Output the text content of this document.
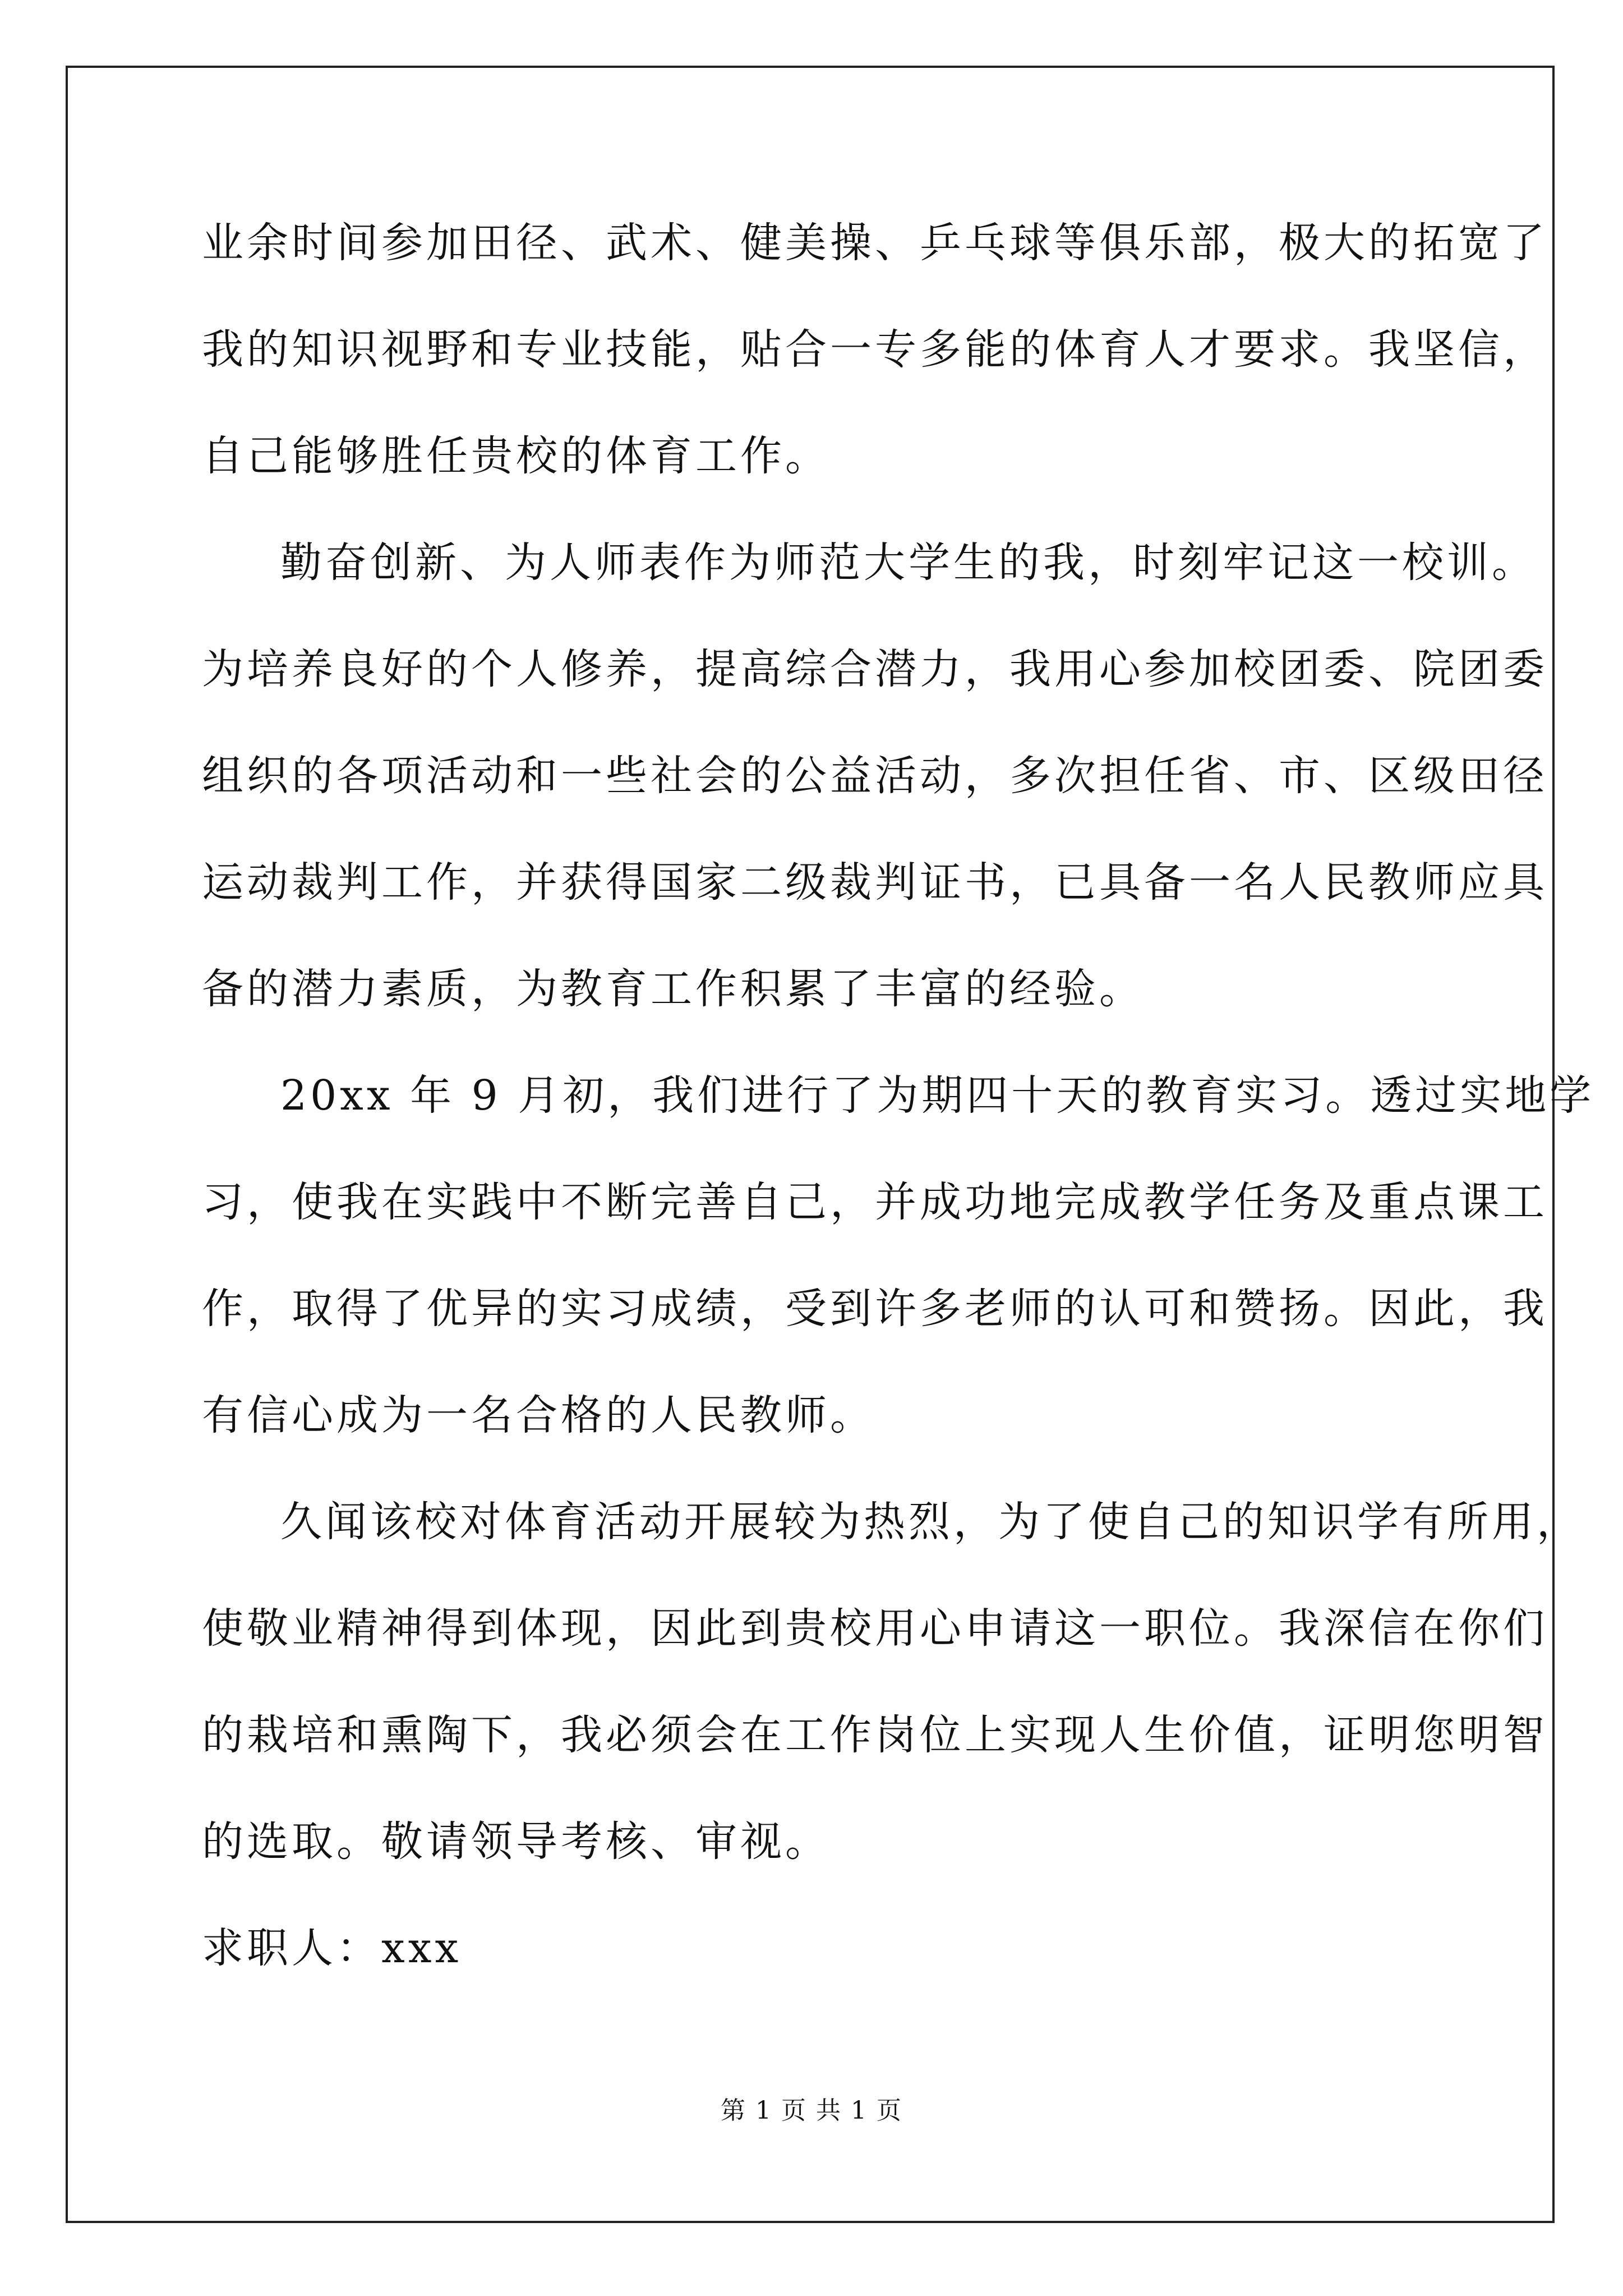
业余时间参加田径、武术、健美操、乒乓球等俱乐部，极大的拓宽了
我的知识视野和专业技能，贴合一专多能的体育人才要求。我坚信，
自己能够胜任贵校的体育工作。
勤奋创新、为人师表作为师范大学生的我，时刻牢记这一校训。
为培养良好的个人修养，提高综合潜力，我用心参加校团委、院团委
组织的各项活动和一些社会的公益活动，多次担任省、市、区级田径
运动裁判工作，并获得国家二级裁判证书，已具备一名人民教师应具
备的潜力素质，为教育工作积累了丰富的经验。
20xx 年 9 月初，我们进行了为期四十天的教育实习。透过实地学
习，使我在实践中不断完善自己，并成功地完成教学任务及重点课工
作，取得了优异的实习成绩，受到许多老师的认可和赞扬。因此，我
有信心成为一名合格的人民教师。
久闻该校对体育活动开展较为热烈，为了使自己的知识学有所用，
使敬业精神得到体现，因此到贵校用心申请这一职位。我深信在你们
的栽培和熏陶下，我必须会在工作岗位上实现人生价值，证明您明智
的选取。敬请领导考核、审视。
求职人：xxx
第 1 页 共 1 页
